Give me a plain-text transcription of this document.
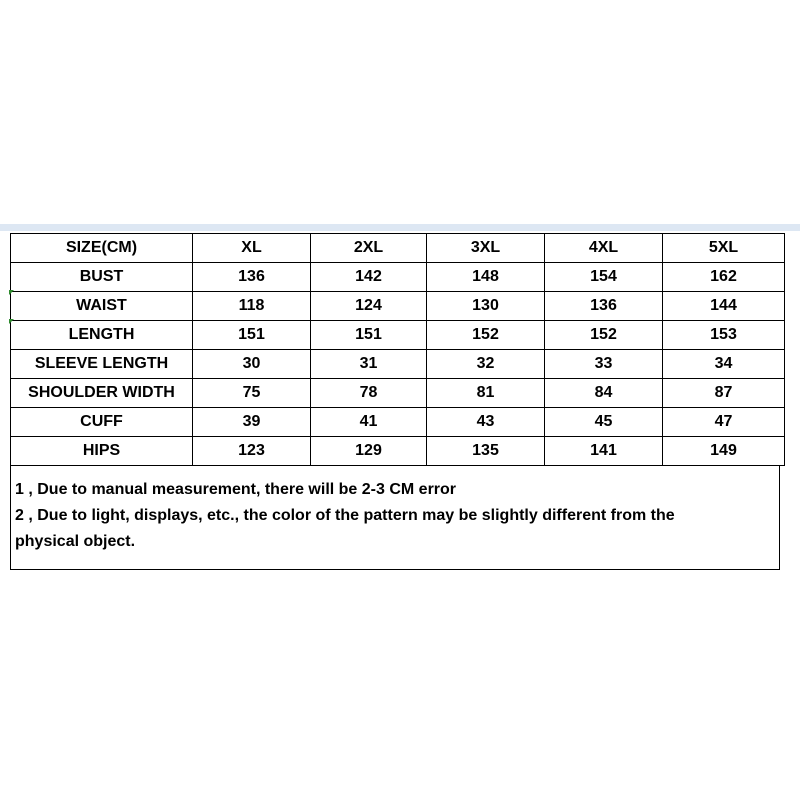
SIZE(CM)	XL	2XL	3XL	4XL	5XL
BUST	136	142	148	154	162

WAIST	118	124	130	136	144

LENGTH	151	151	152	152	153
SLEEVE LENGTH	30	31	32	33	34
SHOULDER WIDTH	75	78	81	84	87
CUFF	39	41	43	45	47
HIPS	123	129	135	141	149

1 , Due to manual measurement, there will be 2-3 CM error

2 , Due to light, displays, etc., the color of the pattern may be slightly different from the

physical object.
